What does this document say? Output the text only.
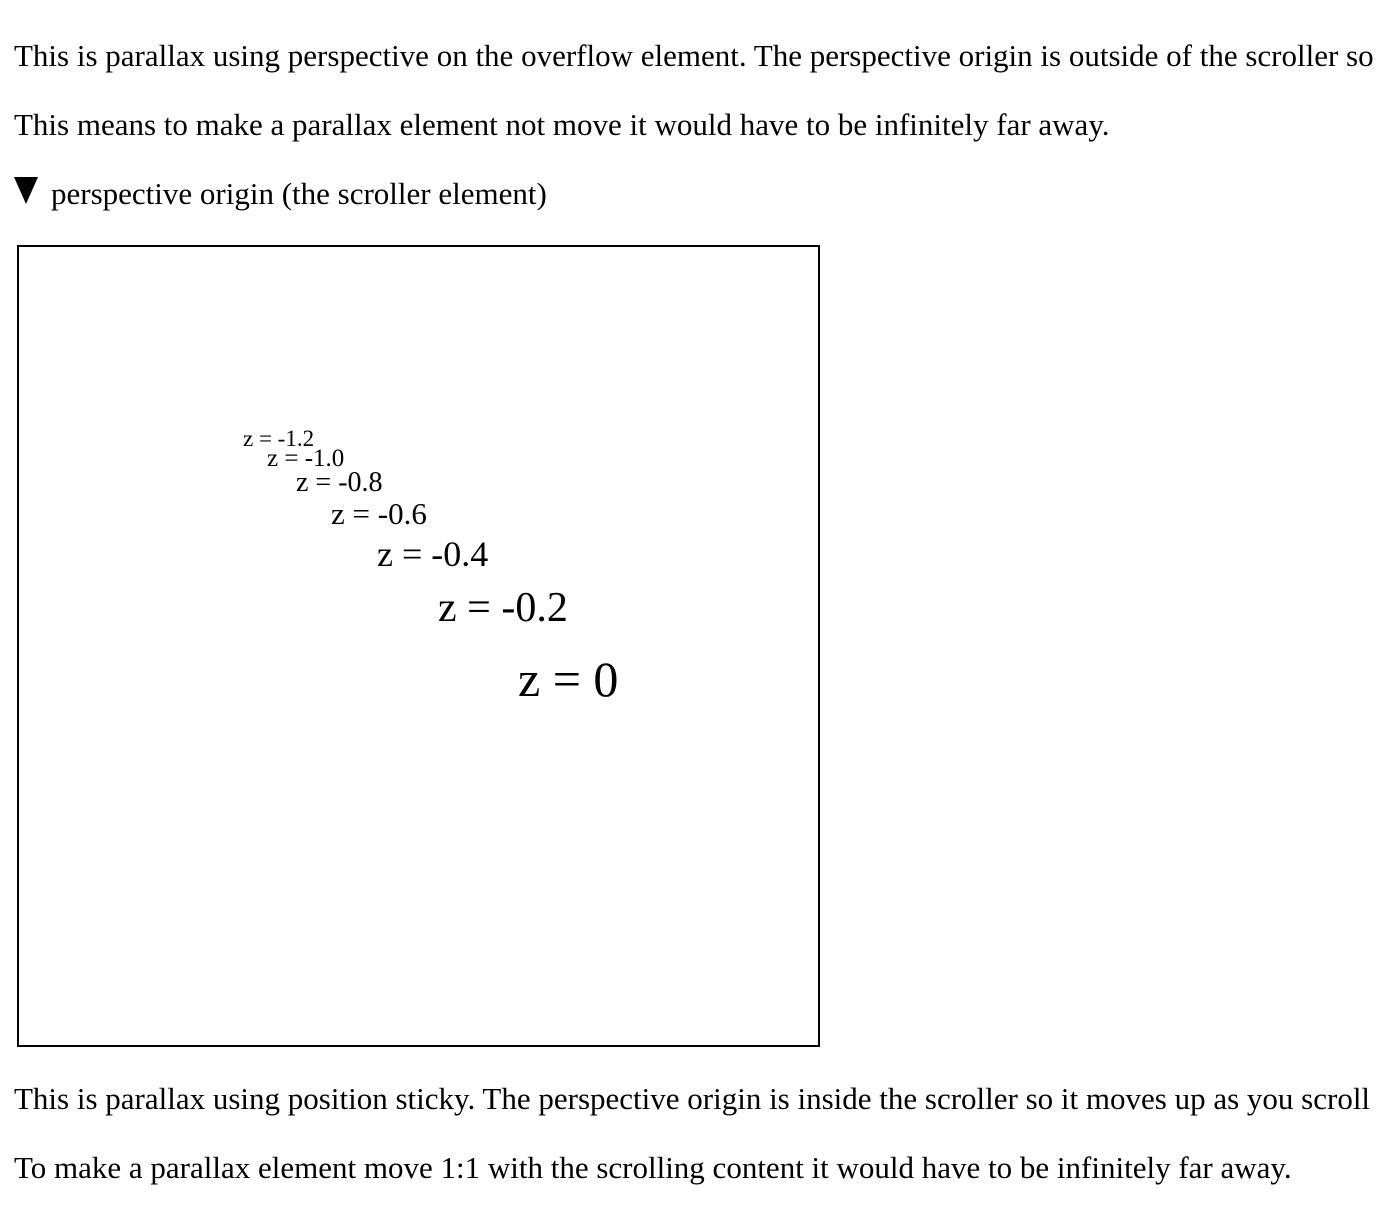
This is parallax using perspective on the overflow element. The perspective origin is outside of the scroller so

This means to make a parallax element not move it would have to be infinitely far away.

perspective origin (the scroller element)
z = -1.2
z = -1.0
z = -0.8
z = -0.6
z = -0.4
z = -0.2
z = 0

This is parallax using position sticky. The perspective origin is inside the scroller so it moves up as you scroll

To make a parallax element move 1:1 with the scrolling content it would have to be infinitely far away.
